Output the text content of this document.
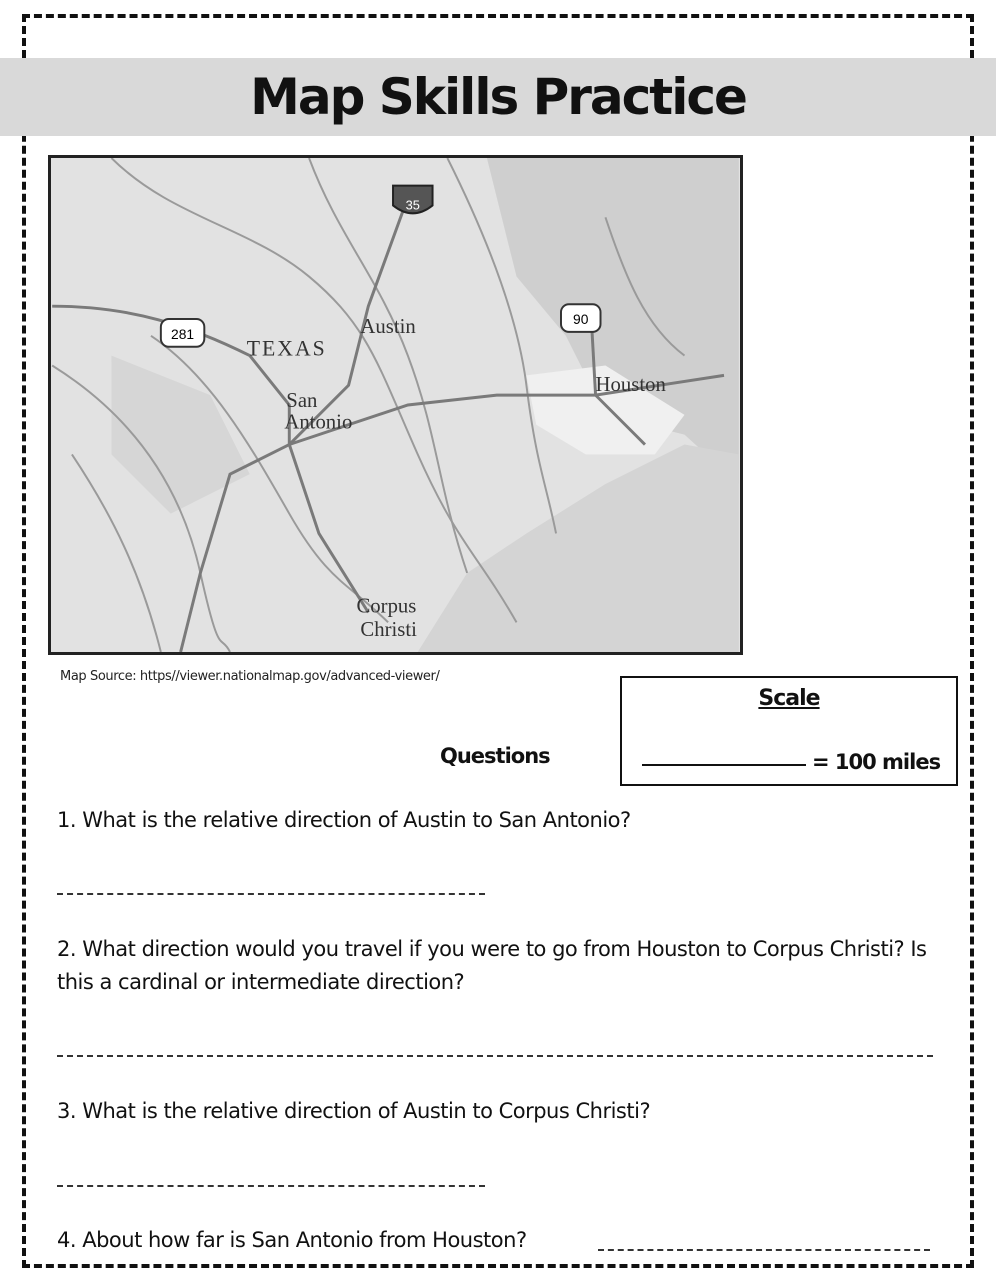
Map Skills Practice
35
281
90
TEXAS
Austin
San
Antonio
Houston
Corpus
Christi
Map Source: https//viewer.nationalmap.gov/advanced-viewer/
Scale
= 100 miles
Questions
1. What is the relative direction of Austin to San Antonio?
2. What direction would you travel if you were to go from Houston to Corpus Christi? Is this a cardinal or intermediate direction?
3. What is the relative direction of Austin to Corpus Christi?
4. About how far is San Antonio from Houston?
